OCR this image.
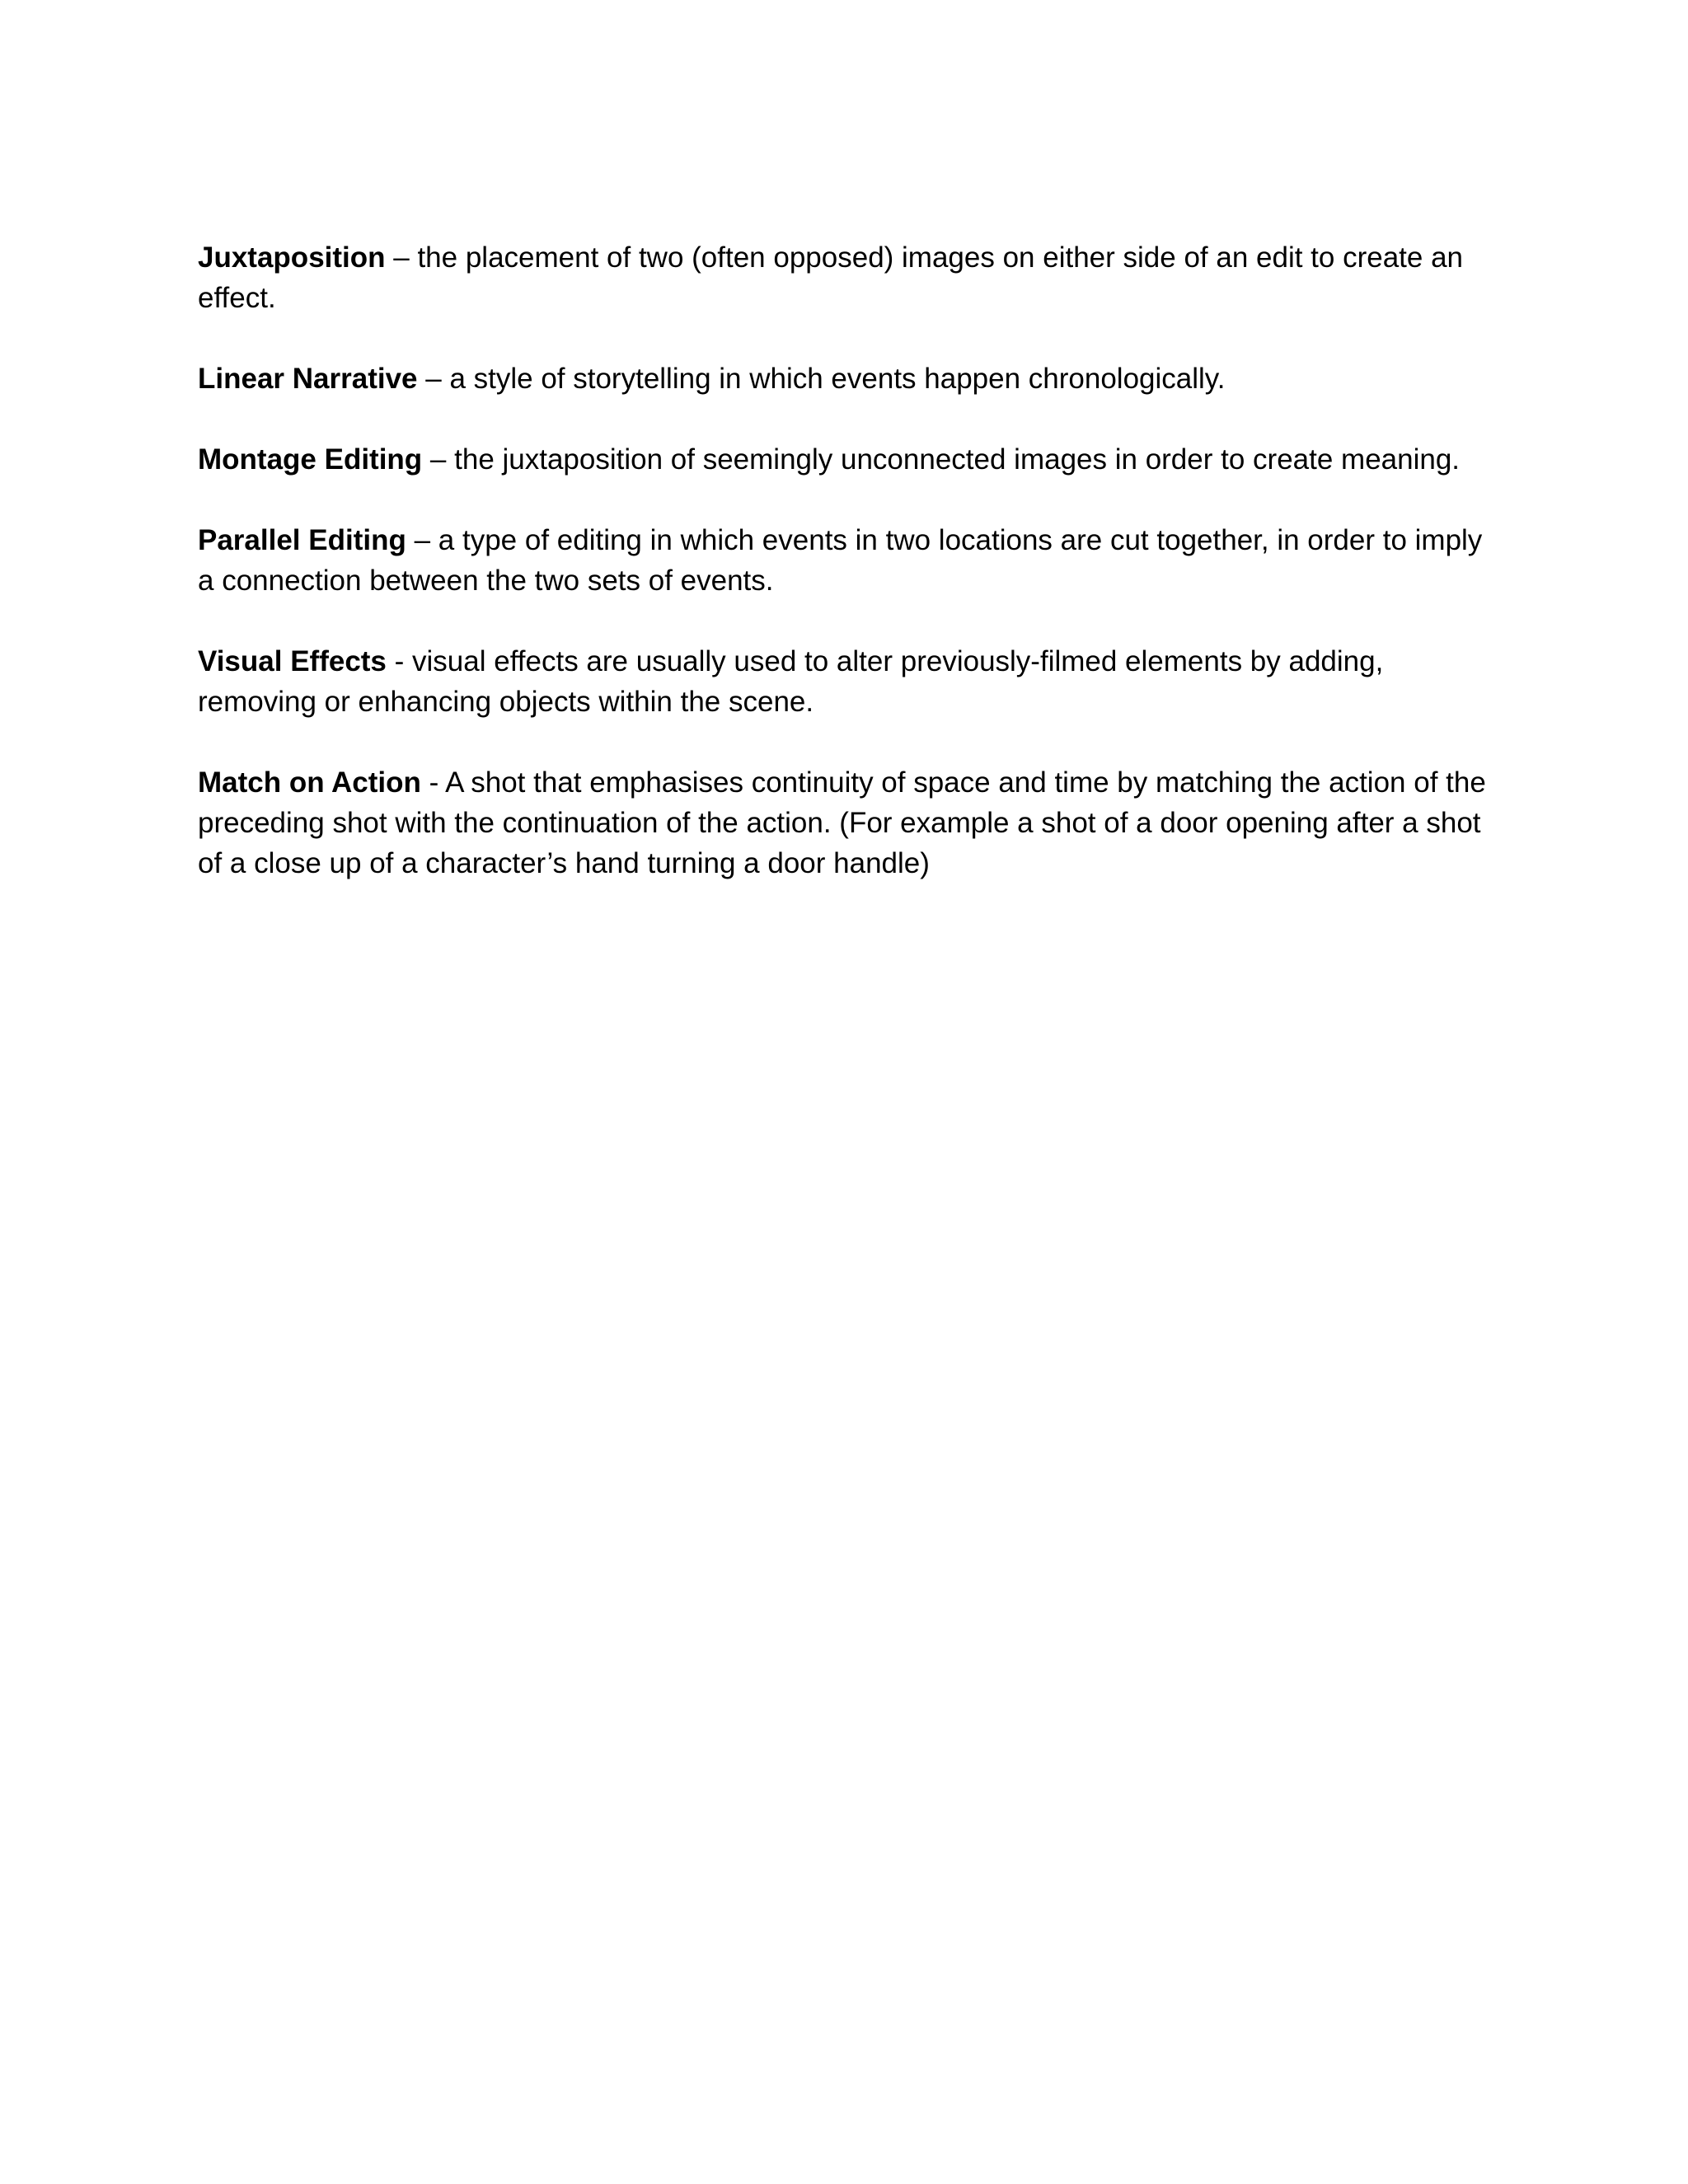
Juxtaposition – the placement of two (often opposed) images on either side of an edit to create an effect.

Linear Narrative – a style of storytelling in which events happen chronologically.

Montage Editing – the juxtaposition of seemingly unconnected images in order to create meaning.

Parallel Editing – a type of editing in which events in two locations are cut together, in order to imply a connection between the two sets of events.

Visual Effects - visual effects are usually used to alter previously-filmed elements by adding, removing or enhancing objects within the scene.

Match on Action - A shot that emphasises continuity of space and time by matching the action of the preceding shot with the continuation of the action. (For example a shot of a door opening after a shot of a close up of a character’s hand turning a door handle)
